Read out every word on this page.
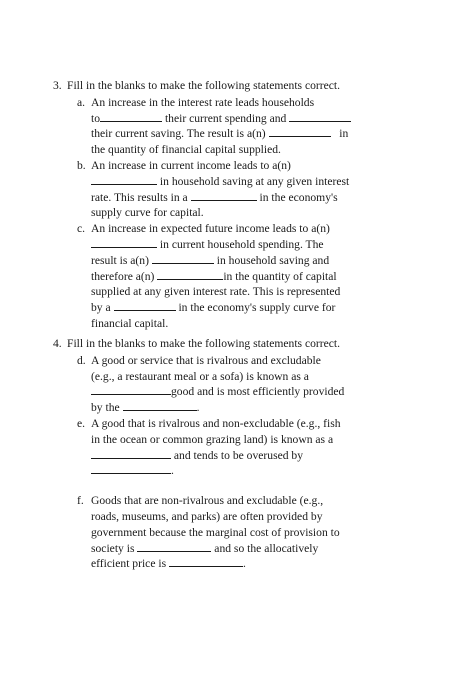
3. Fill in the blanks to make the following statements correct.
a. An increase in the interest rate leads households
to	their current spending and
their current saving. The result is a(n)	in
the quantity of financial capital supplied.
b. An increase in current income leads to a(n)
in household saving at any given interest
rate. This results in a	in the economy's
supply curve for capital.
c. An increase in expected future income leads to a(n)
in current household spending. The
result is a(n)	in household saving and
therefore a(n)	in the quantity of capital
supplied at any given interest rate. This is represented
by a	in the economy's supply curve for
financial capital.
4. Fill in the blanks to make the following statements correct.
d. A good or service that is rivalrous and excludable
(e.g., a restaurant meal or a sofa) is known as a
good and is most efficiently provided
by the	.
e. A good that is rivalrous and non-excludable (e.g., fish
in the ocean or common grazing land) is known as a
and tends to be overused by
.
f. Goods that are non-rivalrous and excludable (e.g.,
roads, museums, and parks) are often provided by
government because the marginal cost of provision to
society is	and so the allocatively
efficient price is	.
